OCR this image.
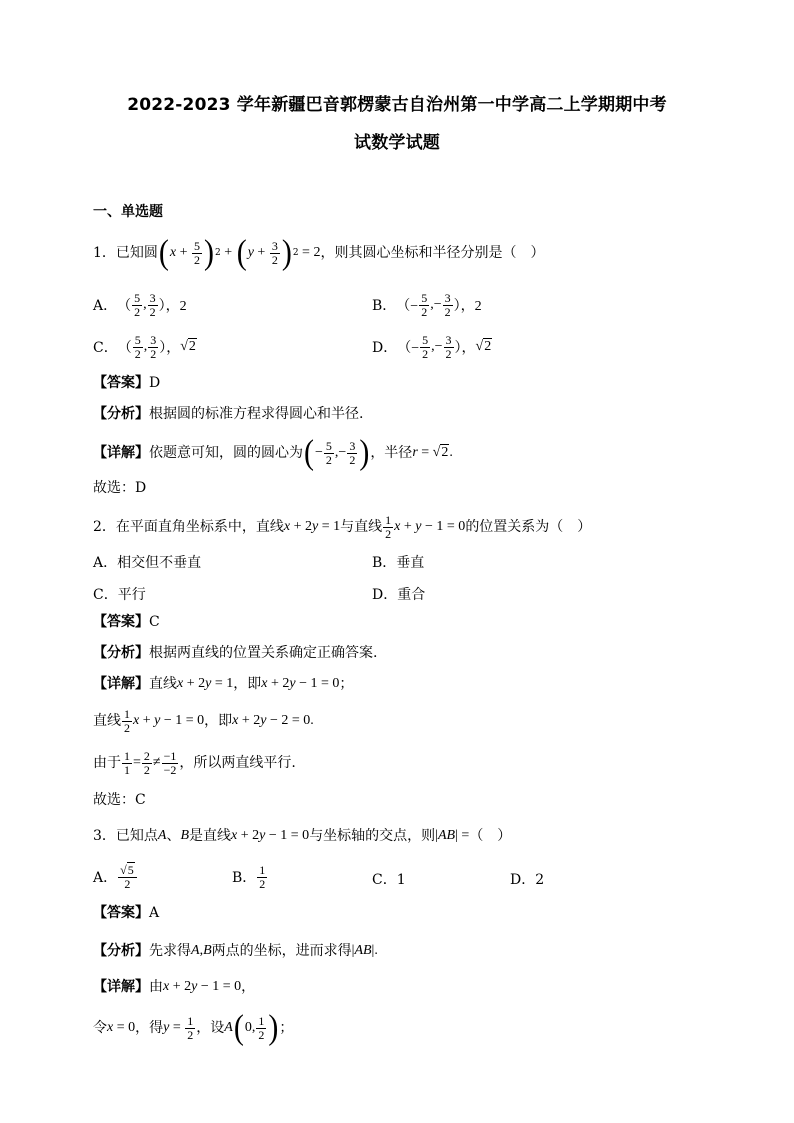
2022-2023 学年新疆巴音郭楞蒙古自治州第一中学高二上学期期中考
试数学试题
一、单选题
1．已知圆 ( $x + \frac{5}{2}$ ) 2 + ( $y + \frac{3}{2}$ ) 2 = 2 ，则其圆心坐标和半径分别是（　）
A． （ $\frac{5}{2}$ , $\frac{3}{2}$ ），2	B． （− $\frac{5}{2}$ ,− $\frac{3}{2}$ ），2
C． （ $\frac{5}{2}$ , $\frac{3}{2}$ ）， √2	D． （− $\frac{5}{2}$ ,− $\frac{3}{2}$ ）， √2
【答案】 D
【分析】 根据圆的标准方程求得圆心和半径.
【详解】 依题意可知，圆的圆心为 ( − $\frac{5}{2}$ ,− $\frac{3}{2}$ ) ，半径 r = √2 .
故选： D
2．在平面直角坐标系中，直线 x + 2 y = 1 与直线 $\frac{1}{2}$ x + y − 1 = 0 的位置关系为（　）
A．相交但不垂直	B．垂直
C．平行	D．重合
【答案】 C
【分析】 根据两直线的位置关系确定正确答案.
【详解】 直线 x + 2 y = 1 ，即 x + 2 y − 1 = 0 ；
直线 $\frac{1}{2}$ x + y − 1 = 0 ，即 x + 2 y − 2 = 0.
由于 $\frac{1}{1} = \frac{2}{2} \ne \frac{-1}{-2}$ ，所以两直线平行.
故选： C
3．已知点 A 、 B 是直线 x + 2 y − 1 = 0 与坐标轴的交点，则 | AB | = （　）
A． $\frac{√5}{2}$	B． $\frac{1}{2}$	C．1	D．2
【答案】 A
【分析】 先求得 A , B 两点的坐标，进而求得 | AB |.
【详解】 由 x + 2 y − 1 = 0 ，
令 x = 0 ，得 $y = \frac{1}{2}$ ，设 A ( 0, $\frac{1}{2}$ ) ；
